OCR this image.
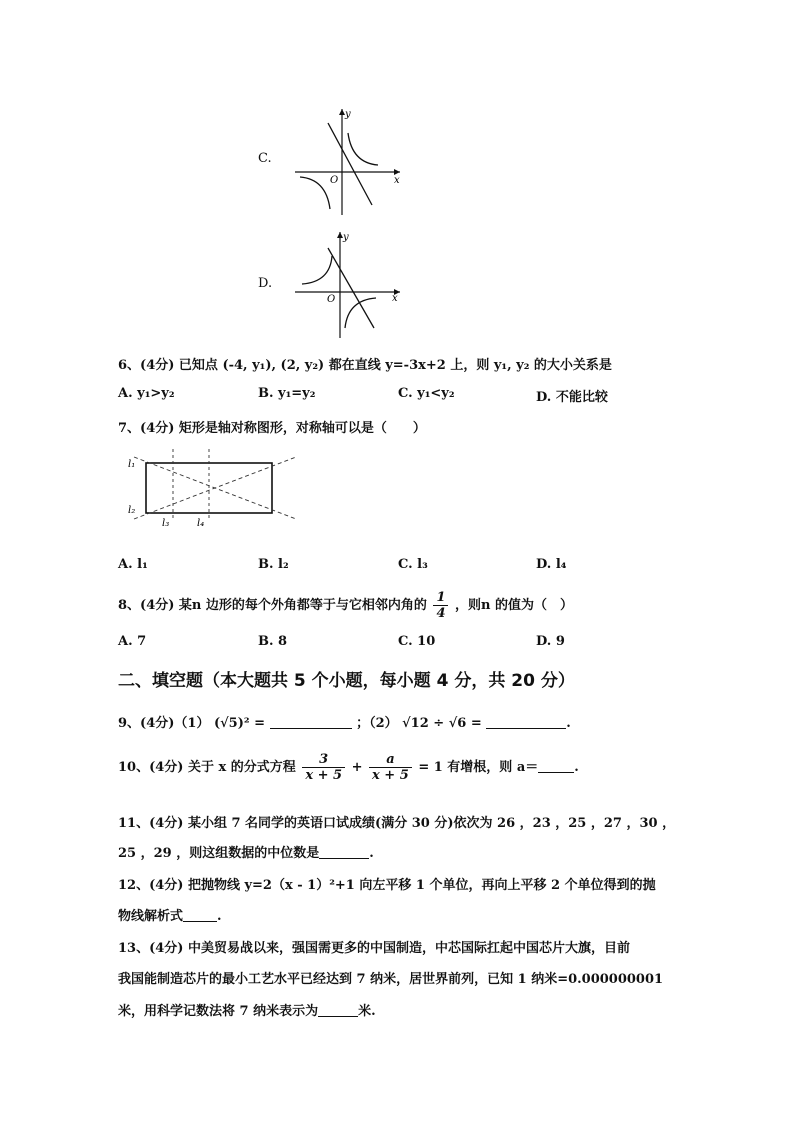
C.
y
x
O
D.
y
x
O
6、(4分) 已知点 (-4, y₁), (2, y₂) 都在直线 y=-3x+2 上，则 y₁, y₂ 的大小关系是
A. y₁>y₂	B. y₁=y₂	C. y₁<y₂	D. 不能比较
7、(4分) 矩形是轴对称图形，对称轴可以是（　　）
l₁
l₂
l₃	l₄
A. l₁	B. l₂	C. l₃	D. l₄
8、(4分) 某n 边形的每个外角都等于与它相邻内角的 $\frac{1}{4}$ ，则n 的值为（　）
A. 7	B. 8	C. 10	D. 9
二、填空题（本大题共 5 个小题，每小题 4 分，共 20 分）
9、(4分)（1） (√5)² =	；（2） √12 ÷ √6 =	.
10、(4分) 关于 x 的分式方程 $\frac{3}{x + 5} + \frac{a}{x + 5} = 1$ 有增根，则 a＝	.
11、(4分) 某小组 7 名同学的英语口试成绩(满分 30 分)依次为 26 ，23 ，25 ，27 ，30 ，
25 ，29 ，则这组数据的中位数是	.
12、(4分) 把抛物线 y=2（x - 1）²+1 向左平移 1 个单位，再向上平移 2 个单位得到的抛
物线解析式	.
13、(4分) 中美贸易战以来，强国需更多的中国制造，中芯国际扛起中国芯片大旗，目前
我国能制造芯片的最小工艺水平已经达到 7 纳米，居世界前列，已知 1 纳米=0.000000001
米，用科学记数法将 7 纳米表示为	米.
